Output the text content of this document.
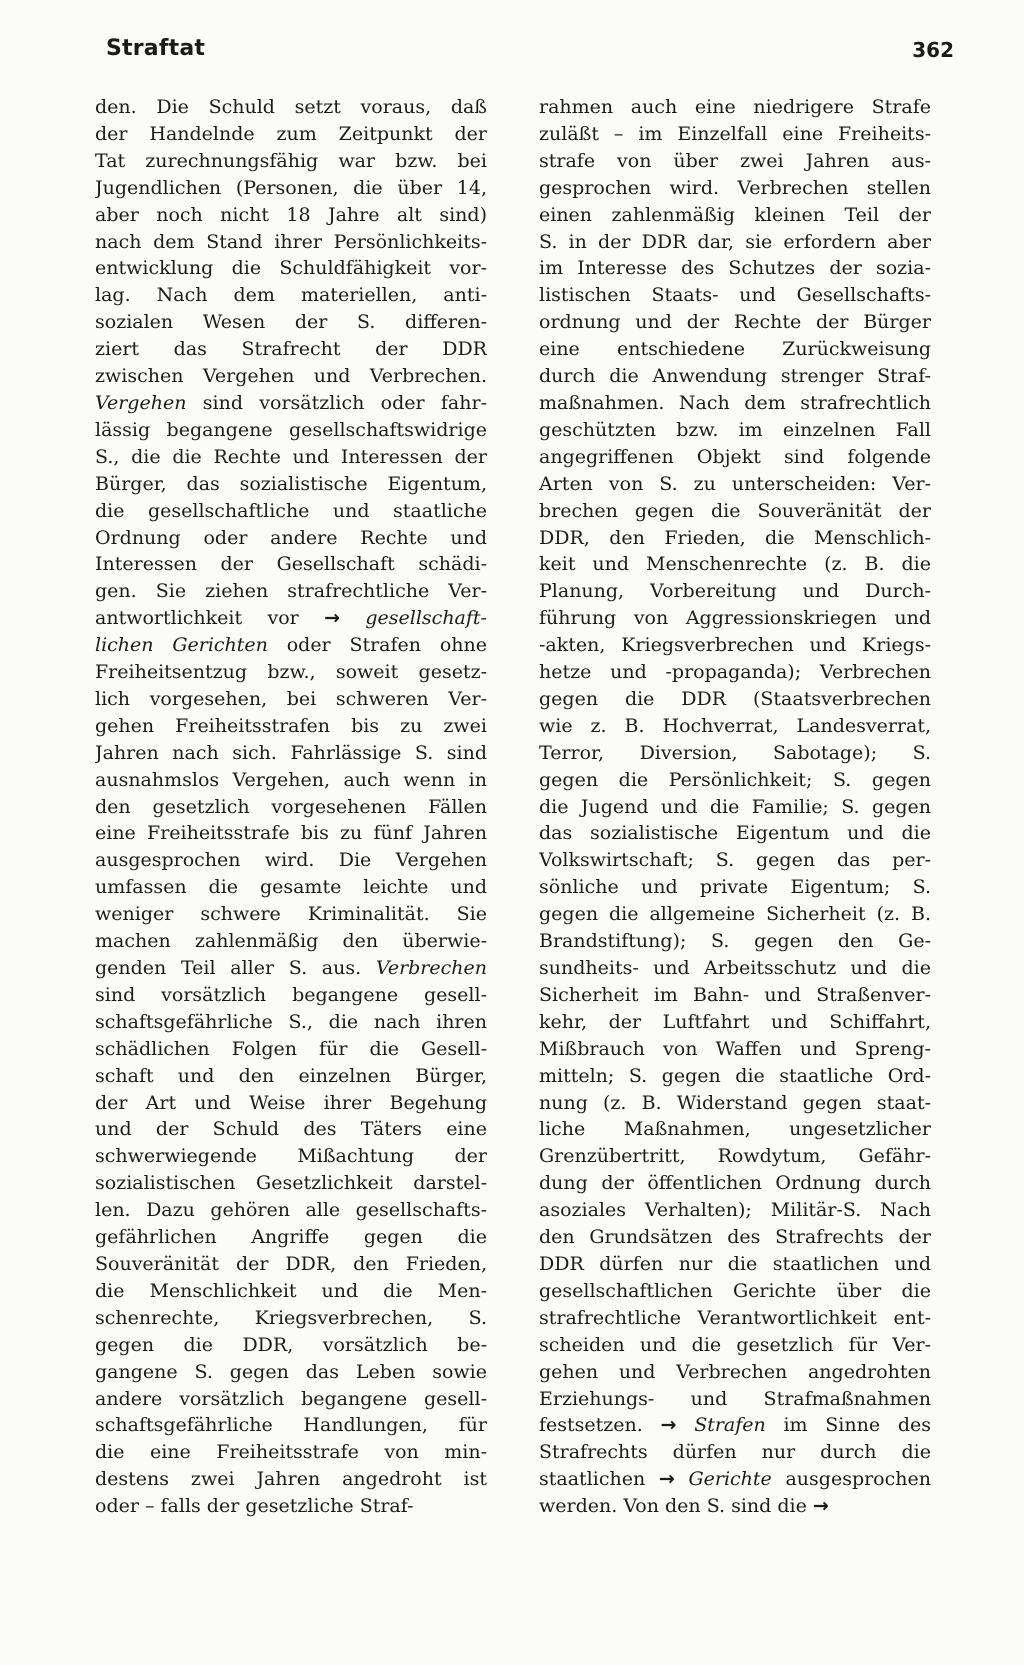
Straftat	362
den. Die Schuld setzt voraus, daß
der Handelnde zum Zeitpunkt der
Tat zurechnungsfähig war bzw. bei
Jugendlichen (Personen, die über 14,
aber noch nicht 18 Jahre alt sind)
nach dem Stand ihrer Persönlichkeits-
entwicklung die Schuldfähigkeit vor-
lag. Nach dem materiellen, anti-
sozialen Wesen der S. differen-
ziert das Strafrecht der DDR
zwischen Vergehen und Verbrechen.
Vergehen sind vorsätzlich oder fahr-
lässig begangene gesellschaftswidrige
S., die die Rechte und Interessen der
Bürger, das sozialistische Eigentum,
die gesellschaftliche und staatliche
Ordnung oder andere Rechte und
Interessen der Gesellschaft schädi-
gen. Sie ziehen strafrechtliche Ver-
antwortlichkeit vor → gesellschaft-
lichen Gerichten oder Strafen ohne
Freiheitsentzug bzw., soweit gesetz-
lich vorgesehen, bei schweren Ver-
gehen Freiheitsstrafen bis zu zwei
Jahren nach sich. Fahrlässige S. sind
ausnahmslos Vergehen, auch wenn in
den gesetzlich vorgesehenen Fällen
eine Freiheitsstrafe bis zu fünf Jahren
ausgesprochen wird. Die Vergehen
umfassen die gesamte leichte und
weniger schwere Kriminalität. Sie
machen zahlenmäßig den überwie-
genden Teil aller S. aus. Verbrechen
sind vorsätzlich begangene gesell-
schaftsgefährliche S., die nach ihren
schädlichen Folgen für die Gesell-
schaft und den einzelnen Bürger,
der Art und Weise ihrer Begehung
und der Schuld des Täters eine
schwerwiegende Mißachtung der
sozialistischen Gesetzlichkeit darstel-
len. Dazu gehören alle gesellschafts-
gefährlichen Angriffe gegen die
Souveränität der DDR, den Frieden,
die Menschlichkeit und die Men-
schenrechte, Kriegsverbrechen, S.
gegen die DDR, vorsätzlich be-
gangene S. gegen das Leben sowie
andere vorsätzlich begangene gesell-
schaftsgefährliche Handlungen, für
die eine Freiheitsstrafe von min-
destens zwei Jahren angedroht ist
oder – falls der gesetzliche Straf-
rahmen auch eine niedrigere Strafe
zuläßt – im Einzelfall eine Freiheits-
strafe von über zwei Jahren aus-
gesprochen wird. Verbrechen stellen
einen zahlenmäßig kleinen Teil der
S. in der DDR dar, sie erfordern aber
im Interesse des Schutzes der sozia-
listischen Staats- und Gesellschafts-
ordnung und der Rechte der Bürger
eine entschiedene Zurückweisung
durch die Anwendung strenger Straf-
maßnahmen. Nach dem strafrechtlich
geschützten bzw. im einzelnen Fall
angegriffenen Objekt sind folgende
Arten von S. zu unterscheiden: Ver-
brechen gegen die Souveränität der
DDR, den Frieden, die Menschlich-
keit und Menschenrechte (z. B. die
Planung, Vorbereitung und Durch-
führung von Aggressionskriegen und
-akten, Kriegsverbrechen und Kriegs-
hetze und -propaganda); Verbrechen
gegen die DDR (Staatsverbrechen
wie z. B. Hochverrat, Landesverrat,
Terror, Diversion, Sabotage); S.
gegen die Persönlichkeit; S. gegen
die Jugend und die Familie; S. gegen
das sozialistische Eigentum und die
Volkswirtschaft; S. gegen das per-
sönliche und private Eigentum; S.
gegen die allgemeine Sicherheit (z. B.
Brandstiftung); S. gegen den Ge-
sundheits- und Arbeitsschutz und die
Sicherheit im Bahn- und Straßenver-
kehr, der Luftfahrt und Schiffahrt,
Mißbrauch von Waffen und Spreng-
mitteln; S. gegen die staatliche Ord-
nung (z. B. Widerstand gegen staat-
liche Maßnahmen, ungesetzlicher
Grenzübertritt, Rowdytum, Gefähr-
dung der öffentlichen Ordnung durch
asoziales Verhalten); Militär-S. Nach
den Grundsätzen des Strafrechts der
DDR dürfen nur die staatlichen und
gesellschaftlichen Gerichte über die
strafrechtliche Verantwortlichkeit ent-
scheiden und die gesetzlich für Ver-
gehen und Verbrechen angedrohten
Erziehungs- und Strafmaßnahmen
festsetzen. → Strafen im Sinne des
Strafrechts dürfen nur durch die
staatlichen → Gerichte ausgesprochen
werden. Von den S. sind die →
